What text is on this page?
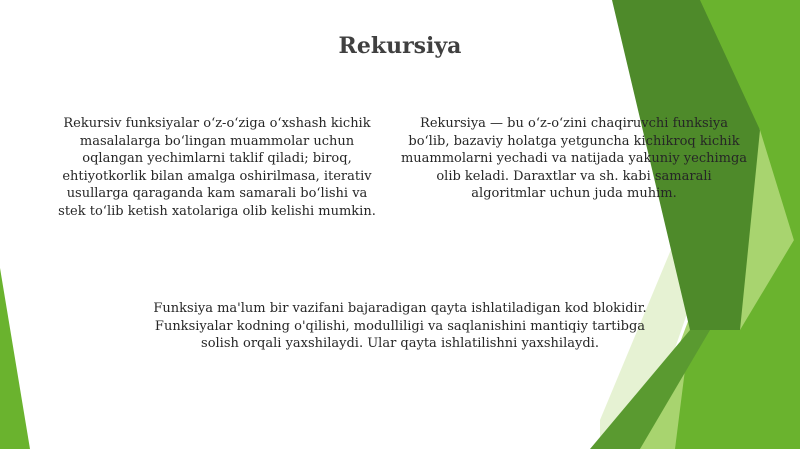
Rekursiya

Rekursiv funksiyalar o‘z-o‘ziga o‘xshash kichik masalalarga bo‘lingan muammolar uchun oqlangan yechimlarni taklif qiladi; biroq, ehtiyotkorlik bilan amalga oshirilmasa, iterativ usullarga qaraganda kam samarali bo‘lishi va stek to‘lib ketish xatolariga olib kelishi mumkin.

Rekursiya — bu o‘z-o‘zini chaqiruvchi funksiya bo‘lib, bazaviy holatga yetguncha kichikroq kichik muammolarni yechadi va natijada yakuniy yechimga olib keladi. Daraxtlar va sh. kabi samarali algoritmlar uchun juda muhim.

Funksiya ma'lum bir vazifani bajaradigan qayta ishlatiladigan kod blokidir. Funksiyalar kodning o'qilishi, modulliligi va saqlanishini mantiqiy tartibga solish orqali yaxshilaydi. Ular qayta ishlatilishni yaxshilaydi.
